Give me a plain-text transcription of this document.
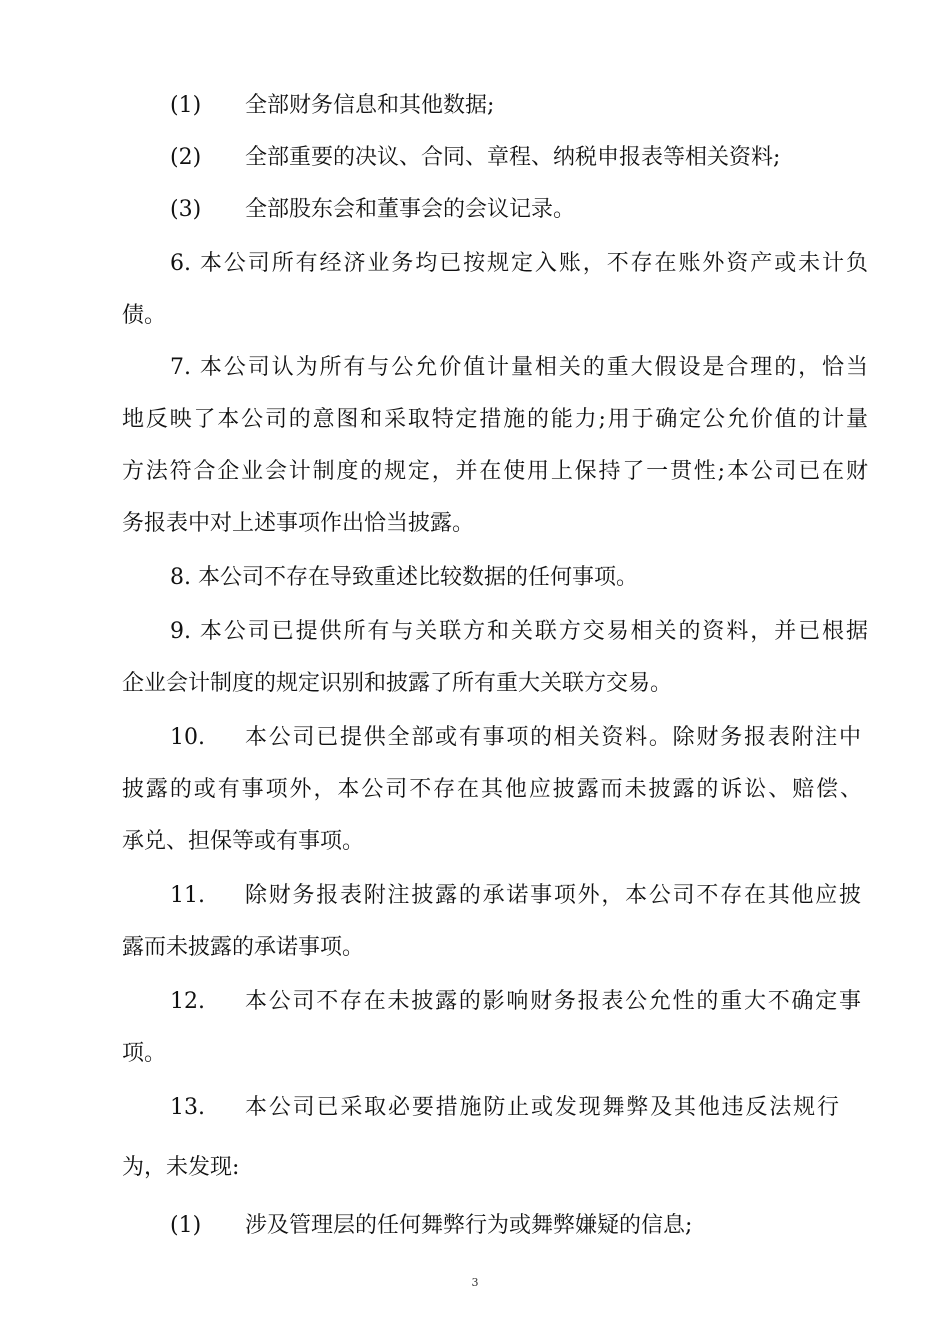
(1) 全部财务信息和其他数据;
(2) 全部重要的决议、合同、章程、纳税申报表等相关资料;
(3) 全部股东会和董事会的会议记录。
6. 本公司所有经济业务均已按规定入账，不存在账外资产或未计负
债。
7. 本公司认为所有与公允价值计量相关的重大假设是合理的，恰当
地反映了本公司的意图和采取特定措施的能力;用于确定公允价值的计量
方法符合企业会计制度的规定，并在使用上保持了一贯性;本公司已在财
务报表中对上述事项作出恰当披露。
8. 本公司不存在导致重述比较数据的任何事项。
9. 本公司已提供所有与关联方和关联方交易相关的资料，并已根据
企业会计制度的规定识别和披露了所有重大关联方交易。
10. 本公司已提供全部或有事项的相关资料。除财务报表附注中
披露的或有事项外，本公司不存在其他应披露而未披露的诉讼、赔偿、
承兑、担保等或有事项。
11. 除财务报表附注披露的承诺事项外，本公司不存在其他应披
露而未披露的承诺事项。
12. 本公司不存在未披露的影响财务报表公允性的重大不确定事
项。
13. 本公司已采取必要措施防止或发现舞弊及其他违反法规行
为，未发现:
(1) 涉及管理层的任何舞弊行为或舞弊嫌疑的信息;
3
